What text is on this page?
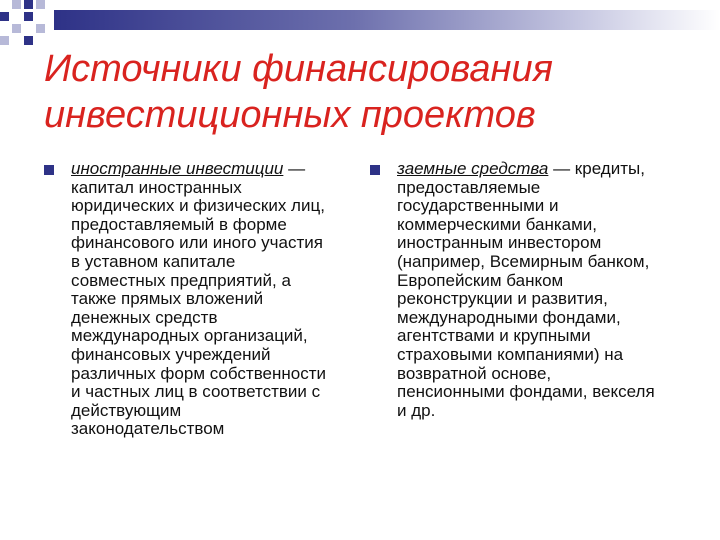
Источники финансирования
инвестиционных проектов
иностранные инвестиции —
капитал иностранных
юридических и физических лиц,
предоставляемый в форме
финансового или иного участия
в уставном капитале
совместных предприятий, а
также прямых вложений
денежных средств
международных организаций,
финансовых учреждений
различных форм собственности
и частных лиц в соответствии с
действующим
законодательством
заемные средства — кредиты,
предоставляемые
государственными и
коммерческими банками,
иностранным инвестором
(например, Всемирным банком,
Европейским банком
реконструкции и развития,
международными фондами,
агентствами и крупными
страховыми компаниями) на
возвратной основе,
пенсионными фондами, векселя
и др.
